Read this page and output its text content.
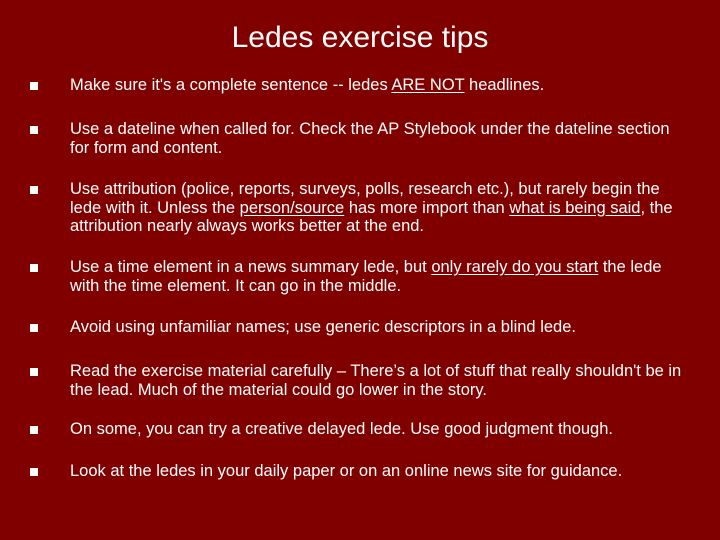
Ledes exercise tips
Make sure it's a complete sentence -- ledes ARE NOT headlines.
Use a dateline when called for. Check the AP Stylebook under the dateline section for form and content.
Use attribution (police, reports, surveys, polls, research etc.), but rarely begin the lede with it. Unless the person/source has more import than what is being said, the attribution nearly always works better at the end.
Use a time element in a news summary lede, but only rarely do you start the lede with the time element. It can go in the middle.
Avoid using unfamiliar names; use generic descriptors in a blind lede.
Read the exercise material carefully – There’s a lot of stuff that really shouldn't be in the lead. Much of the material could go lower in the story.
On some, you can try a creative delayed lede. Use good judgment though.
Look at the ledes in your daily paper or on an online news site for guidance.
